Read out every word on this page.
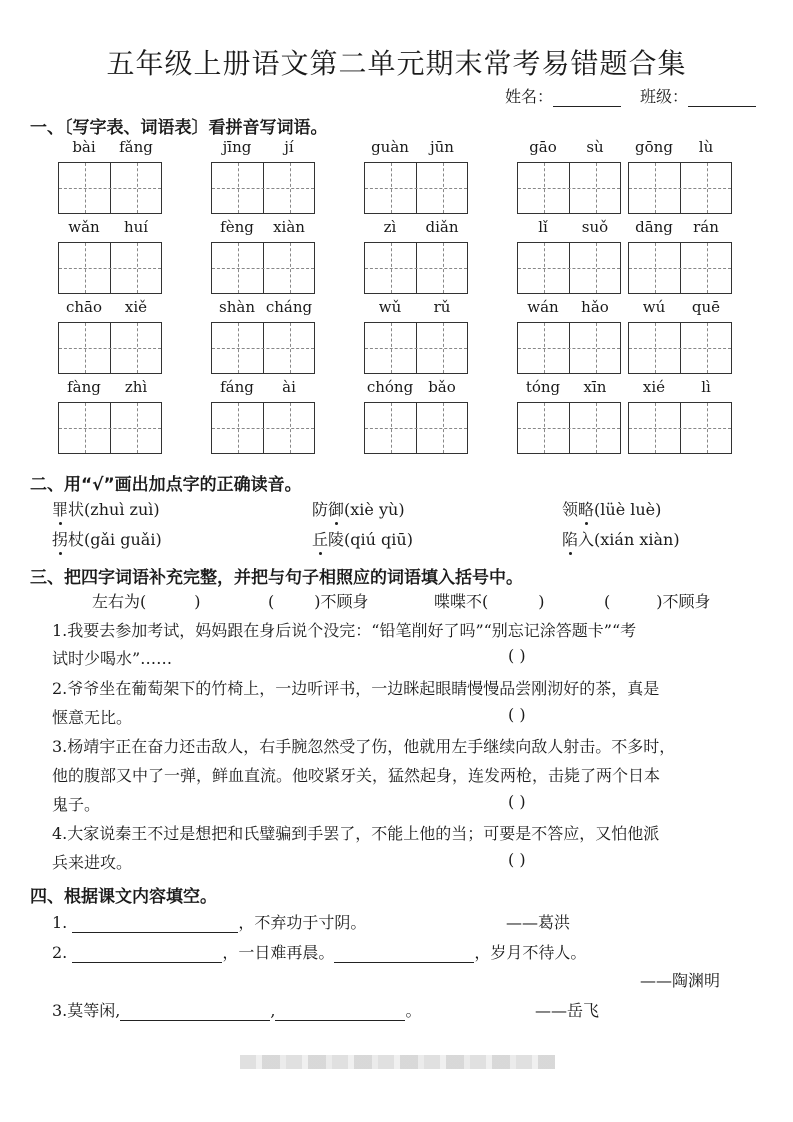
五年级上册语文第二单元期末常考易错题合集
姓名：	班级：
一、〔写字表、词语表〕看拼音写词语。
bài	fǎng	jīng	jí	guàn	jūn	gāo	sù	gōng	lù
wǎn	huí	fèng	xiàn	zì	diǎn	lǐ	suǒ	dāng	rán
chāo	xiě	shàn cháng	wǔ	rǔ	wán	hǎo	wú	quē
fàng	zhì	fáng	ài	chóng	bǎo	tóng	xīn	xié	lì
二、用“√”画出加点字的正确读音。
罪状(zhuì zuì)	防御(xiè yù)	领略(lüè luè)
拐杖(gǎi guǎi)	丘陵(qiú qiū)	陷入(xián xiàn)
三、把四字词语补充完整，并把与句子相照应的词语填入括号中。
左右为(	)	(	)不顾身	喋喋不(	)	(	)不顾身
1.我要去参加考试，妈妈跟在身后说个没完：“铅笔削好了吗”“别忘记涂答题卡”“考
试时少喝水”……	( )
2.爷爷坐在葡萄架下的竹椅上，一边听评书，一边眯起眼睛慢慢品尝刚沏好的茶，真是
惬意无比。	( )
3.杨靖宇正在奋力还击敌人，右手腕忽然受了伤，他就用左手继续向敌人射击。不多时，
他的腹部又中了一弹，鲜血直流。他咬紧牙关，猛然起身，连发两枪，击毙了两个日本
鬼子。	( )
4.大家说秦王不过是想把和氏璧骗到手罢了，不能上他的当；可要是不答应，又怕他派
兵来进攻。	( )
四、根据课文内容填空。
1.	，不弃功于寸阴。	——葛洪
2.	，一日难再晨。	，岁月不待人。
——陶渊明
3.莫等闲,	,	。	——岳飞
